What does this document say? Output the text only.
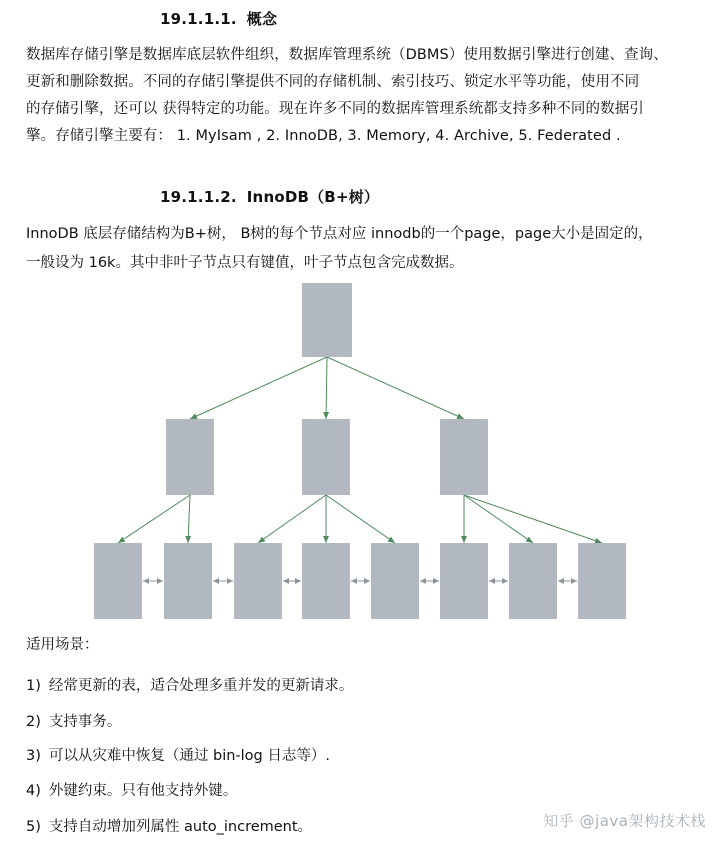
19.1.1.1. 概念
数据库存储引擎是数据库底层软件组织，数据库管理系统（DBMS）使用数据引擎进行创建、查询、
更新和删除数据。不同的存储引擎提供不同的存储机制、索引技巧、锁定水平等功能，使用不同
的存储引擎，还可以 获得特定的功能。现在许多不同的数据库管理系统都支持多种不同的数据引
擎。存储引擎主要有： 1. MyIsam , 2. InnoDB, 3. Memory, 4. Archive, 5. Federated .
19.1.1.2. InnoDB（B+树）
InnoDB 底层存储结构为B+树， B树的每个节点对应 innodb的一个page，page大小是固定的，
一般设为 16k。其中非叶子节点只有键值，叶子节点包含完成数据。
适用场景：
1) 经常更新的表，适合处理多重并发的更新请求。
2) 支持事务。
3) 可以从灾难中恢复（通过 bin-log 日志等）.
4) 外键约束。只有他支持外键。
5) 支持自动增加列属性 auto_increment。	知乎 @java架构技术栈
